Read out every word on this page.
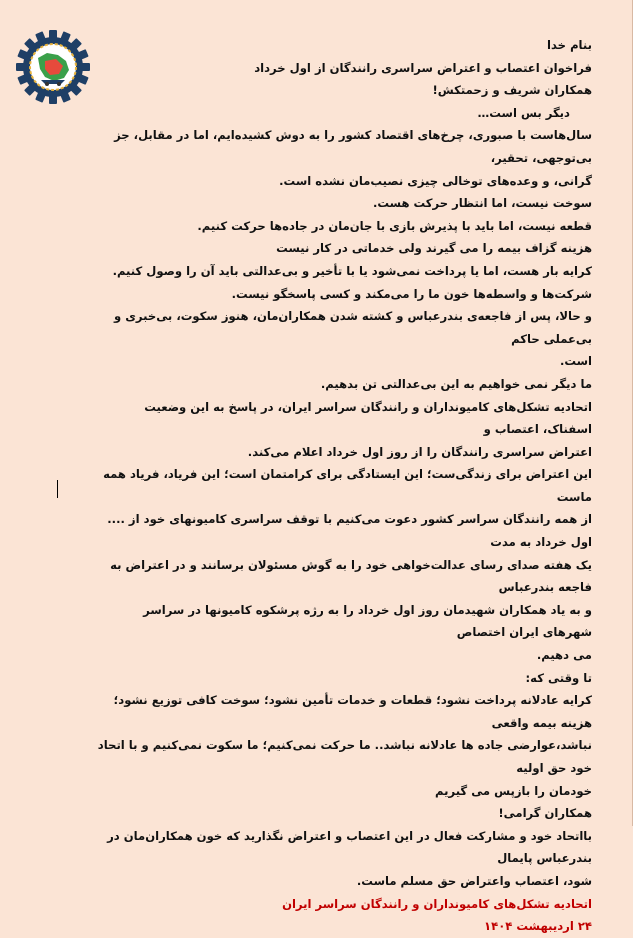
بنام خدا

فراخوان اعتصاب و اعتراض سراسری رانندگان از اول خرداد

همکاران شریف و زحمتکش!

دیگر بس است…

سال‌هاست با صبوری، چرخ‌های اقتصاد کشور را به دوش کشیده‌ایم، اما در مقابل، جز بی‌توجهی، تحقیر،

گرانی، و وعده‌های توخالی چیزی نصیب‌مان نشده است.

سوخت نیست، اما انتظار حرکت هست.

قطعه نیست، اما باید با پذیرش بازی با جان‌مان در جاده‌ها حرکت کنیم.

هزینه گزاف بیمه را می گیرند ولی خدماتی در کار نیست

کرایه بار هست، اما یا پرداخت نمی‌شود یا با تأخیر و بی‌عدالتی باید آن را وصول کنیم.

شرکت‌ها و واسطه‌ها خون ما را می‌مکند و کسی پاسخگو نیست.

و حالا، پس از فاجعه‌ی بندرعباس و کشته شدن همکاران‌مان، هنوز سکوت، بی‌خبری و بی‌عملی حاکم

است.

ما دیگر نمی خواهیم به این بی‌عدالتی تن بدهیم.

اتحادیه تشکل‌های کامیونداران و رانندگان سراسر ایران، در پاسخ به این وضعیت اسفناک، اعتصاب و

اعتراض سراسری رانندگان را از روز اول خرداد اعلام می‌کند.

این اعتراض برای زندگی‌ست؛ این ایستادگی برای کرامتمان است؛ این فریاد، فریاد همه ماست

از همه رانندگان سراسر کشور دعوت می‌کنیم با توقف سراسری کامیونهای خود از .... اول خرداد به مدت

یک هفته صدای رسای عدالت‌خواهی خود را به گوش مسئولان برسانند و در اعتراض به فاجعه بندرعباس

و به یاد همکاران شهیدمان روز اول خرداد را به رژه پرشکوه کامیونها در سراسر شهرهای ایران اختصاص

می دهیم.

تا وقتی که:

کرایه عادلانه پرداخت نشود؛ قطعات و خدمات تأمین نشود؛ سوخت کافی توزیع نشود؛ هزینه بیمه واقعی

نباشد،عوارضی جاده ها عادلانه نباشد.. ما حرکت نمی‌کنیم؛ ما سکوت نمی‌کنیم و با اتحاد خود حق اولیه

خودمان را بازپس می گیریم

همکاران گرامی!

بااتحاد خود و مشارکت فعال در این اعتصاب و اعتراض نگذارید که خون همکاران‌مان در بندرعباس پایمال

شود، اعتصاب واعتراض حق مسلم ماست.

اتحادیه تشکل‌های کامیونداران و رانندگان سراسر ایران

۲۴ اردیبهشت ۱۴۰۴
